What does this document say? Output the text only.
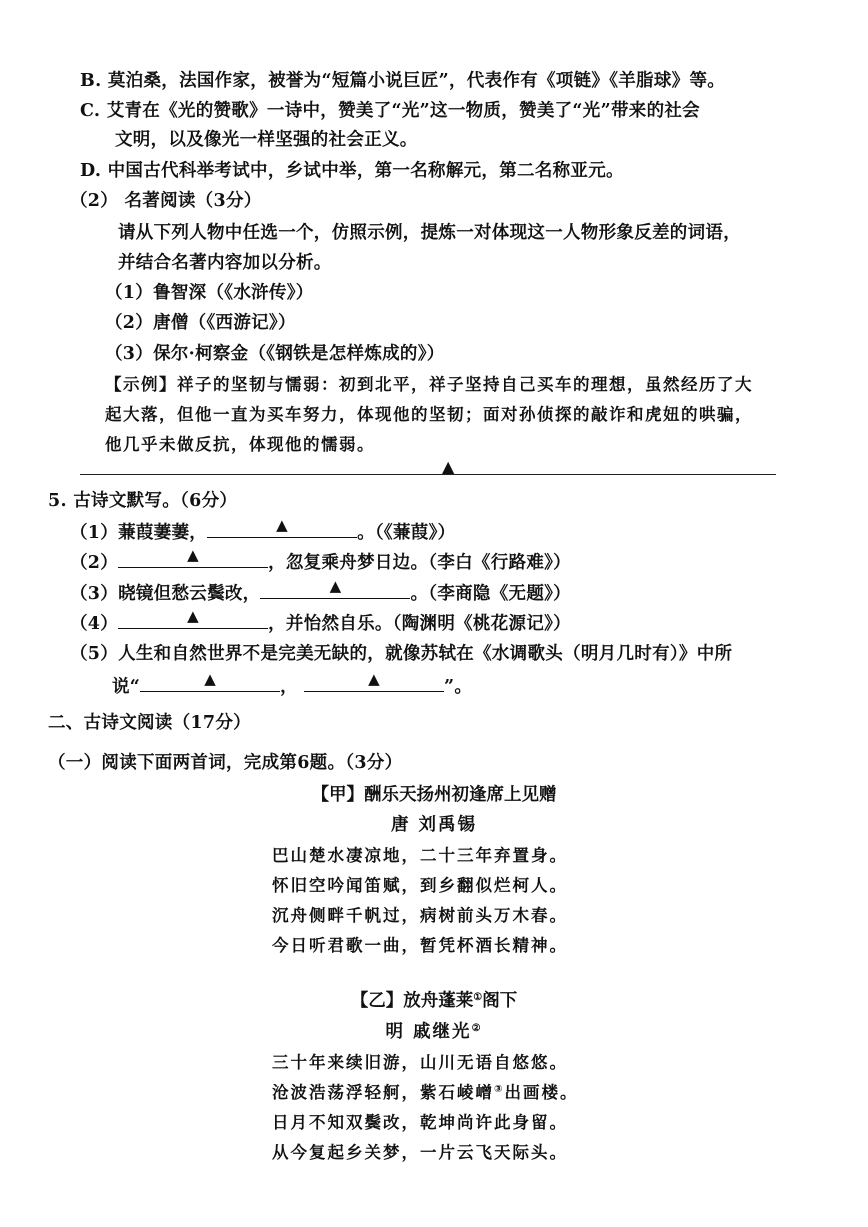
B. 莫泊桑，法国作家，被誉为“短篇小说巨匠”，代表作有《项链》《羊脂球》等。
C. 艾青在《光的赞歌》一诗中，赞美了“光”这一物质，赞美了“光”带来的社会
文明，以及像光一样坚强的社会正义。
D. 中国古代科举考试中，乡试中举，第一名称解元，第二名称亚元。
（2） 名著阅读（3分）
请从下列人物中任选一个，仿照示例，提炼一对体现这一人物形象反差的词语，
并结合名著内容加以分析。
（1）鲁智深（《水浒传》）
（2）唐僧（《西游记》）
（3）保尔·柯察金（《钢铁是怎样炼成的》）
【示例】祥子的坚韧与懦弱：初到北平，祥子坚持自己买车的理想，虽然经历了大
起大落，但他一直为买车努力，体现他的坚韧；面对孙侦探的敲诈和虎妞的哄骗，
他几乎未做反抗，体现他的懦弱。
▲
5. 古诗文默写。（6分）
（1）蒹葭萋萋，	▲	。（《蒹葭》）
（2）	▲	，忽复乘舟梦日边。（李白《行路难》）
（3）晓镜但愁云鬓改，	▲	。（李商隐《无题》）
（4）	▲	，并怡然自乐。（陶渊明《桃花源记》）
（5）人生和自然世界不是完美无缺的，就像苏轼在《水调歌头（明月几时有）》中所
说“	▲	，	▲	”。
二、古诗文阅读（17分）
（一）阅读下面两首词，完成第6题。（3分）
【甲】酬乐天扬州初逢席上见赠
唐 刘禹锡
巴山楚水凄凉地，二十三年弃置身。
怀旧空吟闻笛赋，到乡翻似烂柯人。
沉舟侧畔千帆过，病树前头万木春。
今日听君歌一曲，暂凭杯酒长精神。
【乙】放舟蓬莱①阁下
明 戚继光②
三十年来续旧游，山川无语自悠悠。
沧波浩荡浮轻舸，紫石崚嶒③出画楼。
日月不知双鬓改，乾坤尚许此身留。
从今复起乡关梦，一片云飞天际头。
